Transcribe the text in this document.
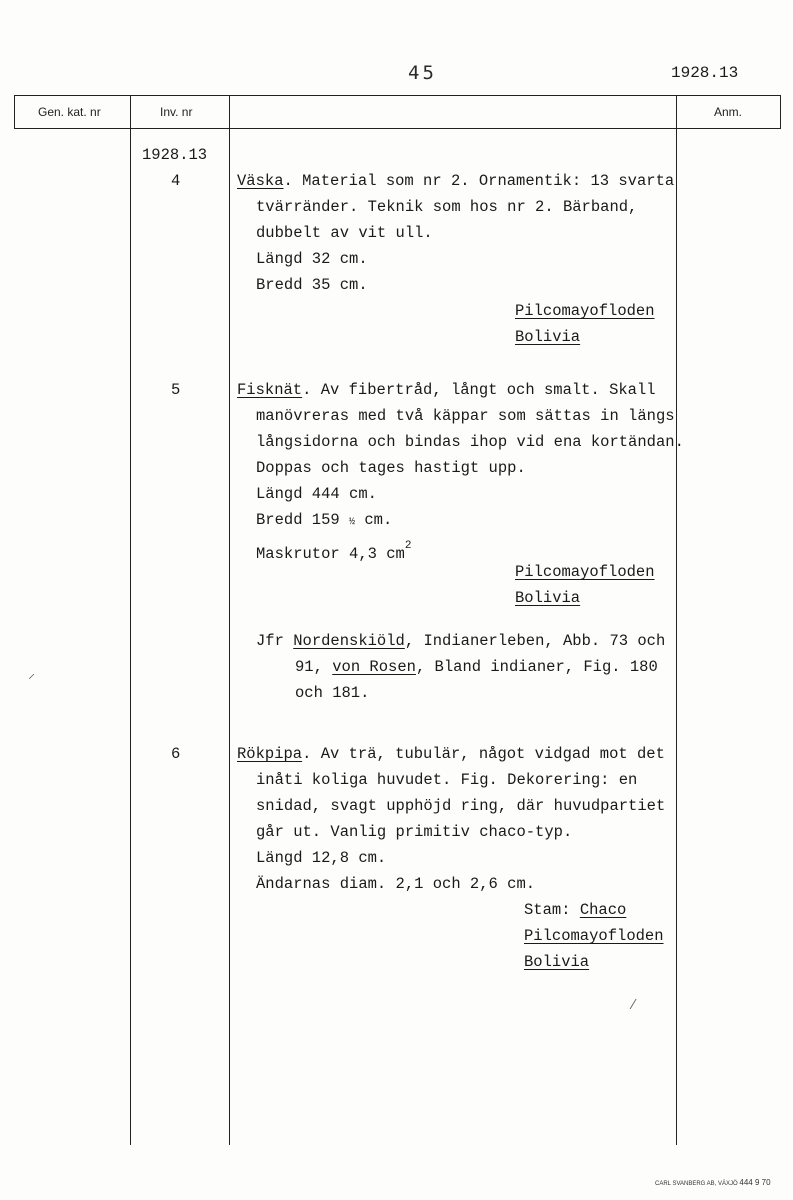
45	1928.13
Gen. kat. nr	Inv. nr	Anm.
1928.13
4	Väska. Material som nr 2. Ornamentik: 13 svarta
tvärränder. Teknik som hos nr 2. Bärband,
dubbelt av vit ull.
Längd 32 cm.
Bredd 35 cm.
Pilcomayofloden
Bolivia
5	Fisknät. Av fibertråd, långt och smalt. Skall
manövreras med två käppar som sättas in längs
långsidorna och bindas ihop vid ena kortändan.
Doppas och tages hastigt upp.
Längd 444 cm.
Bredd 159 ½ cm.
Maskrutor 4,3 $cm^2$
Pilcomayofloden
Bolivia
Jfr Nordenskiöld, Indianerleben, Abb. 73 och
91, von Rosen, Bland indianer, Fig. 180
och 181.
6	Rökpipa. Av trä, tubulär, något vidgad mot det
inåti koliga huvudet. Fig. Dekorering: en
snidad, svagt upphöjd ring, där huvudpartiet
går ut. Vanlig primitiv chaco-typ.
Längd 12,8 cm.
Ändarnas diam. 2,1 och 2,6 cm.
Stam: Chaco
Pilcomayofloden
Bolivia
⸝
⁄
CARL SVANBERG AB, VÄXJÖ 444 9 70
